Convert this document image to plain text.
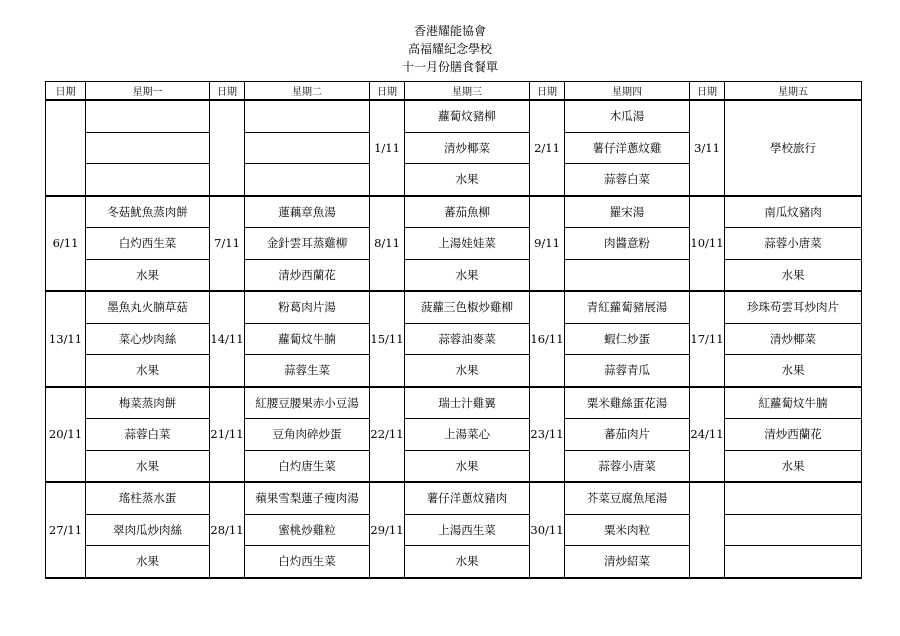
香港耀能協會
高福耀紀念學校
十一月份膳食餐單
日期	星期一	日期	星期二	日期	星期三	日期	星期四	日期	星期五
				1/11	蘿蔔炆豬柳	2/11	木瓜湯	3/11	學校旅行
					清炒椰菜		薯仔洋蔥炆雞		
					水果		蒜蓉白菜		
6/11	冬菇魷魚蒸肉餅	7/11	蓮藕章魚湯	8/11	蕃茄魚柳	9/11	羅宋湯	10/11	南瓜炆豬肉
	白灼西生菜		金針雲耳蒸雞柳		上湯娃娃菜		肉醬意粉		蒜蓉小唐菜
	水果		清炒西蘭花		水果				水果
13/11	墨魚丸火腩草菇	14/11	粉葛肉片湯	15/11	菠蘿三色椒炒雞柳	16/11	青紅蘿蔔豬展湯	17/11	珍珠苟雲耳炒肉片
	菜心炒肉絲		蘿蔔炆牛腩		蒜蓉油麥菜		蝦仁炒蛋		清炒椰菜
	水果		蒜蓉生菜		水果		蒜蓉青瓜		水果
20/11	梅菜蒸肉餅	21/11	紅腰豆腰果赤小豆湯	22/11	瑞士汁雞翼	23/11	粟米雞絲蛋花湯	24/11	紅蘿蔔炆牛腩
	蒜蓉白菜		豆角肉碎炒蛋		上湯菜心		蕃茄肉片		清炒西蘭花
	水果		白灼唐生菜		水果		蒜蓉小唐菜		水果
27/11	瑤柱蒸水蛋	28/11	蘋果雪梨蓮子瘦肉湯	29/11	薯仔洋蔥炆豬肉	30/11	芥菜豆腐魚尾湯		
	翠肉瓜炒肉絲		蜜桃炒雞粒		上湯西生菜		粟米肉粒		
	水果		白灼西生菜		水果		清炒紹菜		
